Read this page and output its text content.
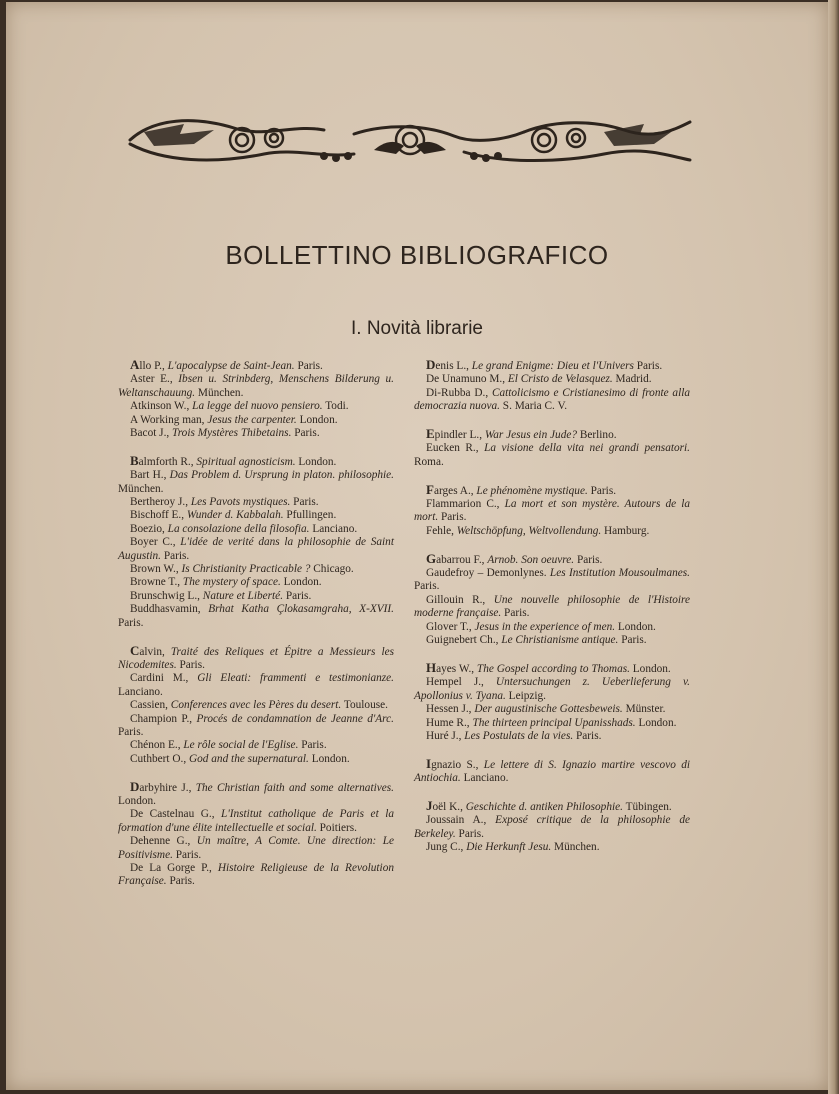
BOLLETTINO BIBLIOGRAFICO
I. Novità librarie
Allo P., L'apocalypse de Saint-Jean. Paris.
Aster E., Ibsen u. Strinbderg, Menschens Bilderung u. Weltanschauung. München.
Atkinson W., La legge del nuovo pensiero. Todi.
A Working man, Jesus the carpenter. London.
Bacot J., Trois Mystères Thibetains. Paris.
Balmforth R., Spiritual agnosticism. London.
Bart H., Das Problem d. Ursprung in platon. philosophie. München.
Bertheroy J., Les Pavots mystiques. Paris.
Bischoff E., Wunder d. Kabbalah. Pfullingen.
Boezio, La consolazione della filosofia. Lanciano.
Boyer C., L'idée de verité dans la philosophie de Saint Augustin. Paris.
Brown W., Is Christianity Practicable ? Chicago.
Browne T., The mystery of space. London.
Brunschwig L., Nature et Liberté. Paris.
Buddhasvamin, Brhat Katha Çlokasamgraha, X-XVII. Paris.
Calvin, Traité des Reliques et Épitre a Messieurs les Nicodemites. Paris.
Cardini M., Gli Eleati: frammenti e testimonianze. Lanciano.
Cassien, Conferences avec les Pères du desert. Toulouse.
Champion P., Procés de condamnation de Jeanne d'Arc. Paris.
Chénon E., Le rôle social de l'Eglise. Paris.
Cuthbert O., God and the supernatural. London.
Darbyhire J., The Christian faith and some alternatives. London.
De Castelnau G., L'Institut catholique de Paris et la formation d'une élite intellectuelle et social. Poitiers.
Dehenne G., Un maître, A Comte. Une direction: Le Positivisme. Paris.
De La Gorge P., Histoire Religieuse de la Revolution Française. Paris.
Denis L., Le grand Enigme: Dieu et l'Univers Paris.
De Unamuno M., El Cristo de Velasquez. Madrid.
Di-Rubba D., Cattolicismo e Cristianesimo di fronte alla democrazia nuova. S. Maria C. V.
Epindler L., War Jesus ein Jude? Berlino.
Eucken R., La visione della vita nei grandi pensatori. Roma.
Farges A., Le phénomène mystique. Paris.
Flammarion C., La mort et son mystère. Autours de la mort. Paris.
Fehle, Weltschöpfung, Weltvollendung. Hamburg.
Gabarrou F., Arnob. Son oeuvre. Paris.
Gaudefroy – Demonlynes. Les Institution Mousoulmanes. Paris.
Gillouin R., Une nouvelle philosophie de l'Histoire moderne française. Paris.
Glover T., Jesus in the experience of men. London.
Guignebert Ch., Le Christianisme antique. Paris.
Hayes W., The Gospel according to Thomas. London.
Hempel J., Untersuchungen z. Ueberlieferung v. Apollonius v. Tyana. Leipzig.
Hessen J., Der augustinische Gottesbeweis. Münster.
Hume R., The thirteen principal Upanisshads. London.
Huré J., Les Postulats de la vies. Paris.
Ignazio S., Le lettere di S. Ignazio martire vescovo di Antiochia. Lanciano.
Joël K., Geschichte d. antiken Philosophie. Tübingen.
Joussain A., Exposé critique de la philosophie de Berkeley. Paris.
Jung C., Die Herkunft Jesu. München.
